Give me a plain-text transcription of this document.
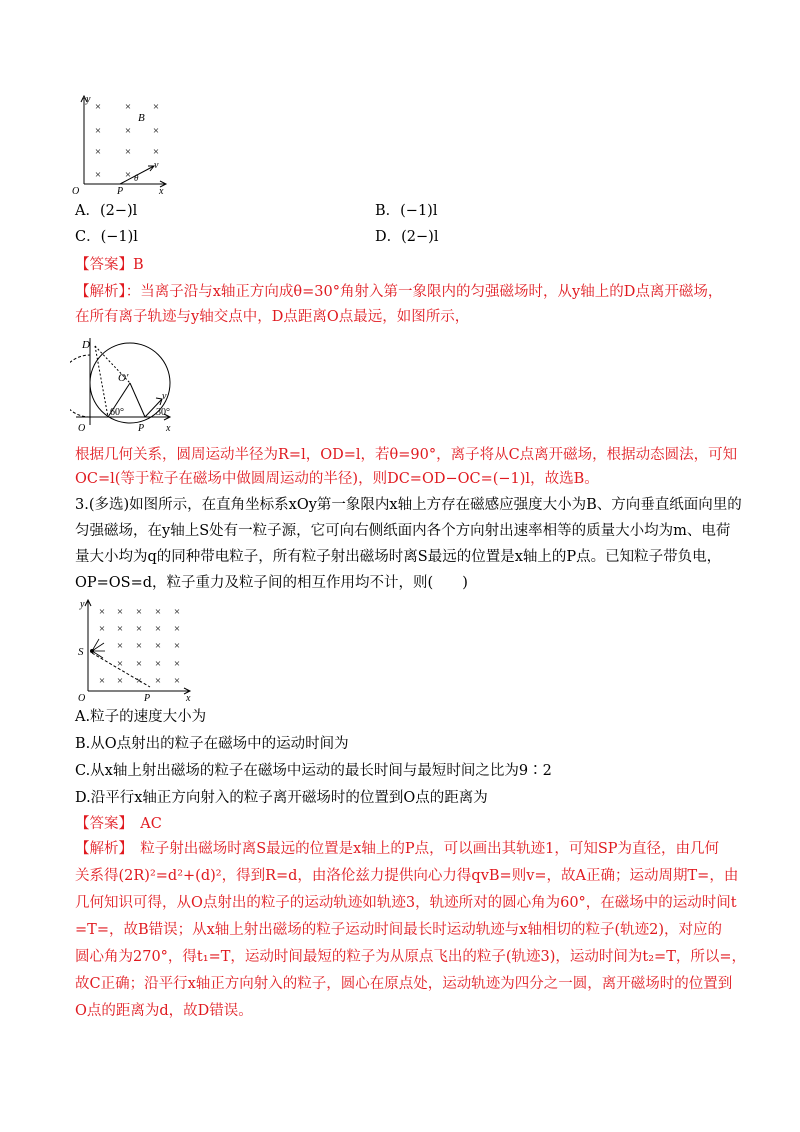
× × ×
× × ×
× × ×
× ×
y
B
O	P
v
θ
x
A．(2−)l	B．(−1)l
C．(−1)l	D．(2−)l
【答案】B
【解析】：当离子沿与x轴正方向成θ=30°角射入第一象限内的匀强磁场时，从y轴上的D点离开磁场，
在所有离子轨迹与y轴交点中，D点距离O点最远，如图所示，
D
O′
60°	30°
v
O	P x
根据几何关系，圆周运动半径为R=l，OD=l，若θ=90°，离子将从C点离开磁场，根据动态圆法，可知
OC=l(等于粒子在磁场中做圆周运动的半径)，则DC=OD−OC=(−1)l，故选B。
3.(多选)如图所示，在直角坐标系xOy第一象限内x轴上方存在磁感应强度大小为B、方向垂直纸面向里的
匀强磁场，在y轴上S处有一粒子源，它可向右侧纸面内各个方向射出速率相等的质量大小均为m、电荷
量大小均为q的同种带电粒子，所有粒子射出磁场时离S最远的位置是x轴上的P点。已知粒子带负电，
OP=OS=d，粒子重力及粒子间的相互作用均不计，则(　　)
× × × × ×
× × × × ×
× × × ×
× × × ×
× × × × ×
y
S
O	P	x
A.粒子的速度大小为
B.从O点射出的粒子在磁场中的运动时间为
C.从x轴上射出磁场的粒子在磁场中运动的最长时间与最短时间之比为9∶2
D.沿平行x轴正方向射入的粒子离开磁场时的位置到O点的距离为
【答案】　AC
【解析】　粒子射出磁场时离S最远的位置是x轴上的P点，可以画出其轨迹1，可知SP为直径，由几何
关系得(2R)²=d²+(d)²，得到R=d，由洛伦兹力提供向心力得qvB=则v=，故A正确；运动周期T=，由
几何知识可得，从O点射出的粒子的运动轨迹如轨迹3，轨迹所对的圆心角为60°，在磁场中的运动时间t
=T=，故B错误；从x轴上射出磁场的粒子运动时间最长时运动轨迹与x轴相切的粒子(轨迹2)，对应的
圆心角为270°，得t₁=T，运动时间最短的粒子为从原点飞出的粒子(轨迹3)，运动时间为t₂=T，所以=，
故C正确；沿平行x轴正方向射入的粒子，圆心在原点处，运动轨迹为四分之一圆，离开磁场时的位置到
O点的距离为d，故D错误。
